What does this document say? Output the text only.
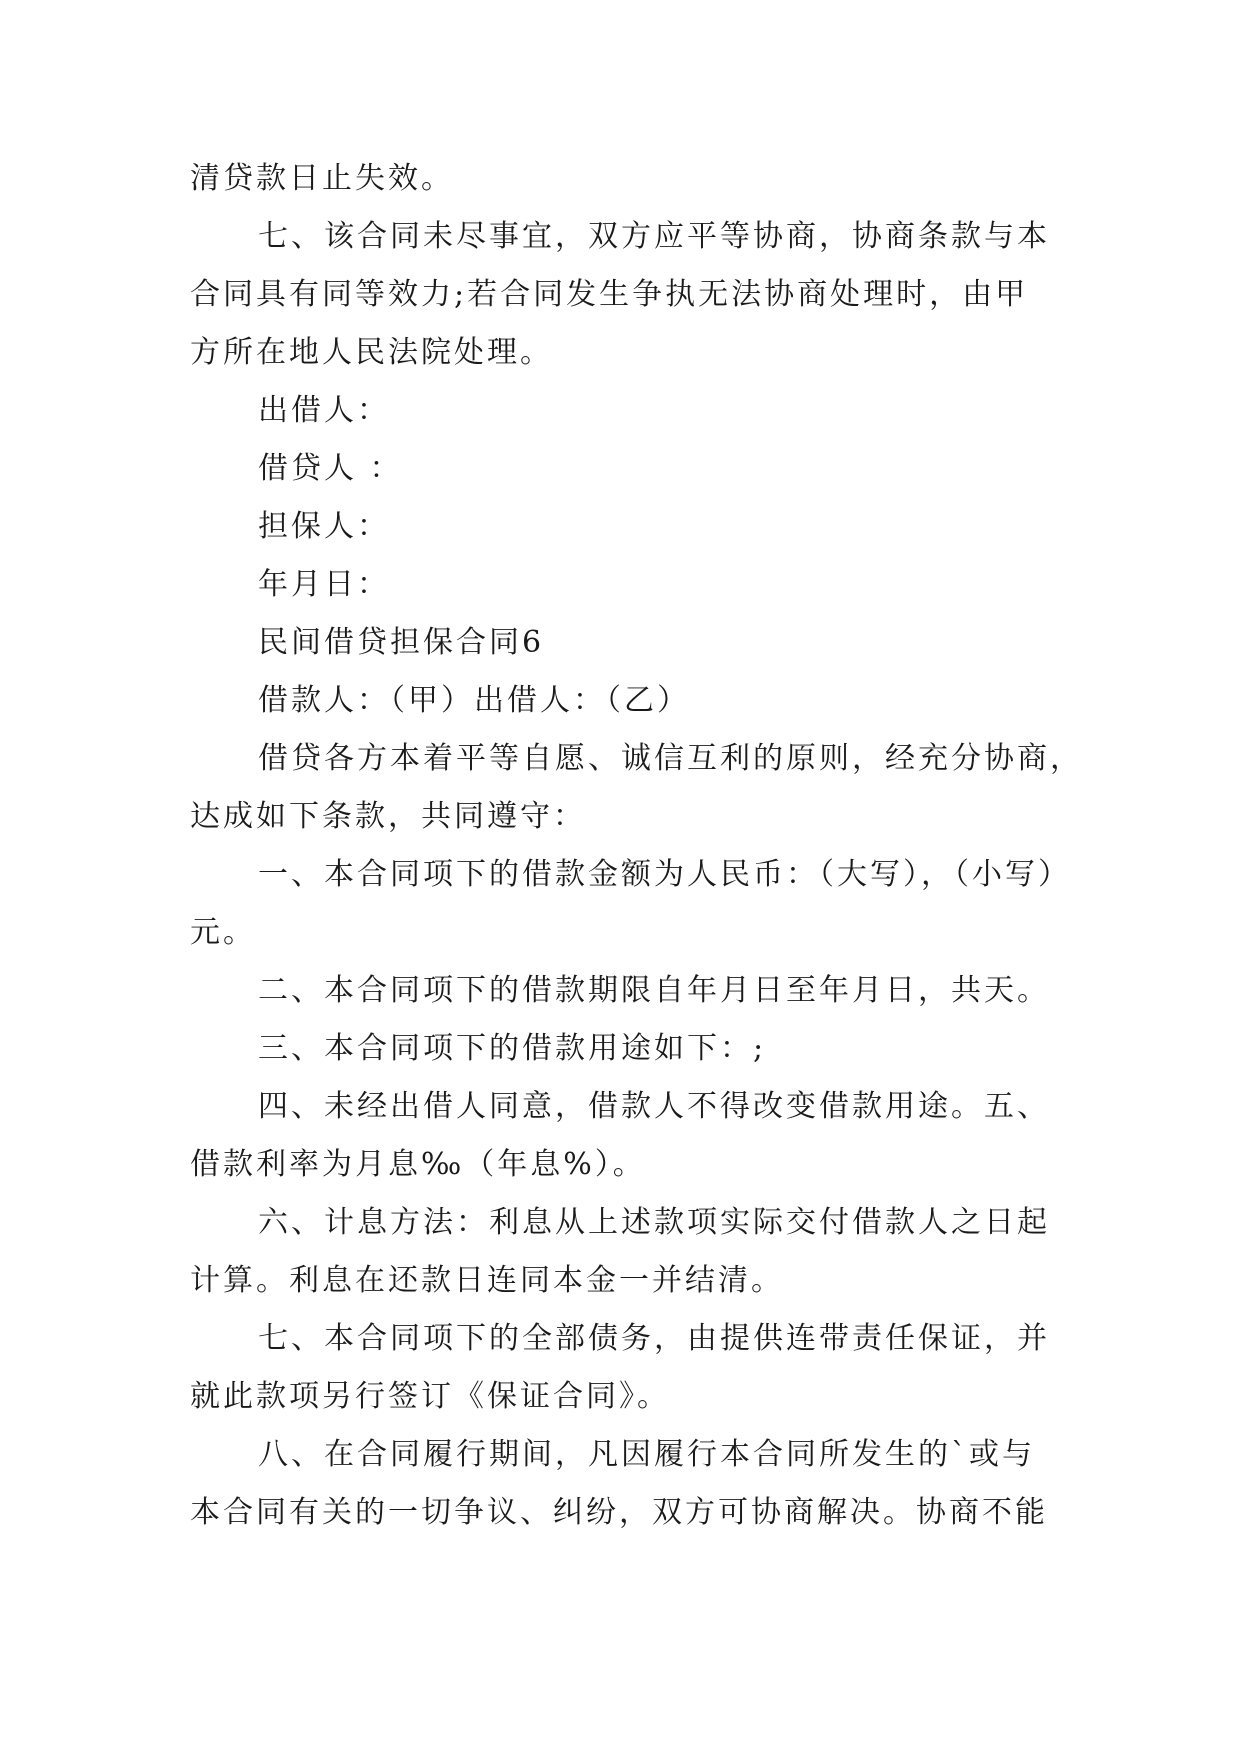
清贷款日止失效。
七、该合同未尽事宜，双方应平等协商，协商条款与本
合同具有同等效力;若合同发生争执无法协商处理时，由甲
方所在地人民法院处理。
出借人：
借贷人 ：
担保人：
年月日：
民间借贷担保合同6
借款人：（甲）出借人：（乙）
借贷各方本着平等自愿、诚信互利的原则，经充分协商，
达成如下条款，共同遵守：
一、本合同项下的借款金额为人民币：（大写），（小写）
元。
二、本合同项下的借款期限自年月日至年月日，共天。
三、本合同项下的借款用途如下：;
四、未经出借人同意，借款人不得改变借款用途。五、
借款利率为月息‰（年息%）。
六、计息方法：利息从上述款项实际交付借款人之日起
计算。利息在还款日连同本金一并结清。
七、本合同项下的全部债务，由提供连带责任保证，并
就此款项另行签订《保证合同》。
八、在合同履行期间，凡因履行本合同所发生的`或与
本合同有关的一切争议、纠纷，双方可协商解决。协商不能
